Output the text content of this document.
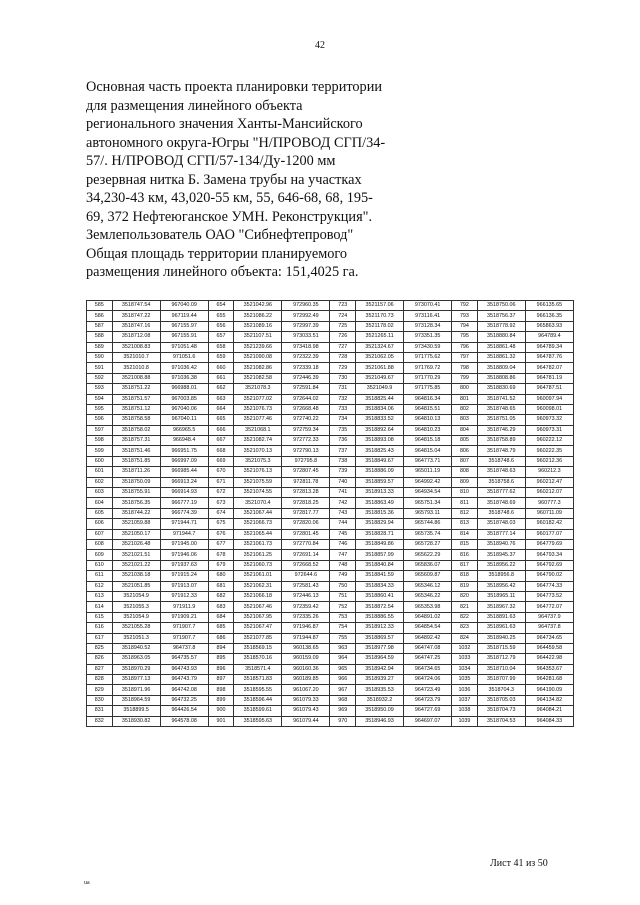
42
Основная часть проекта планировки территории
для размещения линейного объекта
регионального значения Ханты-Мансийского
автономного округа-Югры "Н/ПРОВОД СГП/34-
57/. Н/ПРОВОД СГП/57-134/Ду-1200 мм
резервная нитка Б. Замена трубы на участках
34,230-43 км, 43,020-55 км, 55, 646-68, 68, 195-
69, 372 Нефтеюганское УМН. Реконструкция".
Землепользователь ОАО "Сибнефтепровод"
Общая площадь территории планируемого
размещения линейного объекта: 151,4025 га.
585	3518747.54	967040.09	654	3521042.96	972960.35	723	3521157.06	973070.41	792	3518750.06	966135.65
586	3518747.22	967119.44	655	3521086.22	972992.49	724	3521170.73	973116.41	793	3518756.37	966136.35
587	3518747.16	967155.97	656	3521089.16	972997.39	725	3521178.02	973128.34	794	3518778.92	965863.93
588	3518712.08	967155.91	657	3521107.51	973033.51	726	3521265.11	973351.35	795	3518880.84	964789.4
589	3521008.83	971051.48	658	3521239.66	973418.98	727	3521324.67	973430.59	796	3518861.48	964789.34
590	3521010.7	971051.6	659	3521090.08	972322.39	728	3521062.05	971775.62	797	3518861.32	964787.76
591	3521010.8	971036.42	660	3521082.86	972339.18	729	3521061.88	971769.72	798	3518809.04	964782.07
592	3521008.88	971036.38	661	3521082.58	972446.39	730	3521049.67	971770.29	799	3518808.86	964781.19
593	3518751.22	966988.01	662	3521078.3	972591.84	731	3521049.9	971775.85	800	3518830.69	964787.51
594	3518751.57	967003.85	663	3521077.02	972644.02	732	3518825.44	964816.34	801	3518741.52	960097.94
595	3518751.12	967040.06	664	3521076.73	972668.48	733	3518834.06	964815.51	802	3518748.65	960098.01
596	3518758.58	967040.11	665	3521077.46	972740.22	734	3518833.52	964810.13	803	3518751.05	960973.32
597	3518758.02	966965.5	666	3521068.1	972759.34	735	3518892.64	964810.23	804	3518746.29	960973.31
598	3518757.31	966948.4	667	3521082.74	972772.33	736	3518893.08	964815.18	805	3518758.89	960222.12
599	3518751.46	966951.75	668	3521070.13	972790.13	737	3518825.43	964815.04	806	3518748.79	960222.35
600	3518751.85	966997.09	669	3521075.3	972795.8	738	3518849.67	964773.71	807	3518748.6	960212.36
601	3518711.26	966985.44	670	3521076.13	972807.45	739	3518886.09	965011.19	808	3518748.63	960212.3
602	3518750.09	966913.24	671	3521075.59	972811.78	740	3518859.57	964992.42	809	3518758.6	960212.47
603	3518755.91	966914.93	672	3521074.55	972813.28	741	3518913.33	964934.54	810	3518777.62	960212.07
604	3518756.35	966777.19	673	3521070.4	972818.25	742	3518863.49	965751.34	811	3518748.69	960777.3
605	3518744.22	966774.39	674	3521067.44	972817.77	743	3518815.36	965793.11	812	3518748.6	960711.09
606	3521059.88	971944.71	675	3521066.73	972820.06	744	3518829.94	965744.86	813	3518748.03	960182.42
607	3521050.17	971944.7	676	3521065.44	972801.45	745	3518828.71	965735.74	814	3518777.14	960177.07
608	3521026.48	971945.00	677	3521061.73	972770.84	746	3518849.86	965728.27	815	3518940.76	964779.69
609	3521021.51	971946.06	678	3521061.25	972691.14	747	3518857.99	965622.29	816	3518945.37	964793.34
610	3521021.22	971937.63	679	3521060.73	972668.52	748	3518840.84	965836.07	817	3518956.22	964792.69
611	3521038.18	971915.24	680	3521061.01	972644.6	749	3518841.59	965609.87	818	3518956.8	964790.02
612	3521051.85	971913.07	681	3521062.31	972581.43	750	3518834.33	965346.12	819	3518956.42	964774.33
613	3521054.9	971912.33	682	3521066.18	972446.13	751	3518860.41	965346.22	820	3518965.11	964773.52
614	3521055.3	971911.9	683	3521067.46	972359.42	752	3518872.54	965353.98	821	3518967.32	964772.07
615	3521054.9	971909.21	684	3521067.95	972335.26	753	3518886.55	964891.02	822	3518891.63	964737.9
616	3521055.28	971907.7	685	3521067.47	971946.87	754	3518912.33	964854.54	823	3518961.63	964737.8
617	3521051.3	971907.7	686	3521077.85	971944.87	755	3518869.57	964892.42	824	3518940.25	964734.65
825	3518940.52	964737.8	894	3518569.15	960138.65	963	3518977.98	964747.08	1032	3518715.59	964459.58
826	3518963.05	964735.57	895	3518570.16	960159.09	964	3518964.59	964747.25	1033	3518712.79	964422.98
827	3518970.29	964743.93	896	3518571.4	960160.36	965	3518942.94	964734.65	1034	3518710.04	964353.67
828	3518977.13	964743.79	897	3518571.83	960189.85	966	3518939.27	964724.06	1035	3518707.99	964281.68
829	3518971.96	964742.08	898	3518595.55	961067.20	967	3518935.53	964723.49	1036	3518704.3	964190.09
830	3518964.59	964732.25	899	3518596.44	961079.33	968	3518932.2	964723.79	1037	3518705.03	964134.82
831	3518899.5	964426.54	900	3518599.61	961079.43	969	3518950.09	964727.69	1038	3518704.73	964084.21
832	3518930.82	964578.08	901	3518595.63	961079.44	970	3518946.93	964697.07	1039	3518704.53	964084.33
Лист 41 из 50
ua
